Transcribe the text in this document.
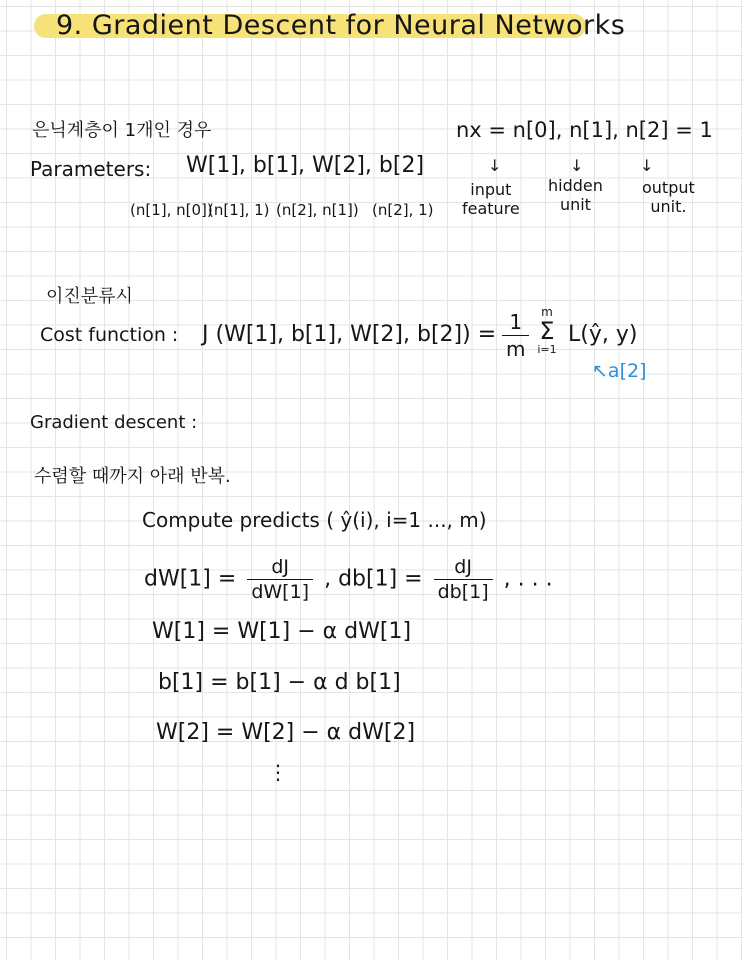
9. Gradient Descent for Neural Networks
은닉계층이 1개인 경우
Parameters: W[1], b[1], W[2], b[2]
(n[1], n[0])
(n[1], 1) (n[2], n[1]) (n[2], 1)
nx = n[0], n[1], n[2] = 1
↓	↓	↓
input
feature
hidden
unit
output
unit.
이진분류시
Cost function : J (W[1], b[1], W[2], $b[2]) = \frac{1}{m}$ m
Σ
i=1
L(ŷ, y)
↖a[2]
Gradient descent :
수렴할 때까지 아래 반복.
Compute predicts ( ŷ(i), i=1 ..., m)
$dW[1] = \frac{dJ}{dW[1]}$ , $db[1] = \frac{dJ}{db[1]}$ , . . .
W[1] = W[1] − α dW[1]
b[1] = b[1] − α d b[1]
W[2] = W[2] − α dW[2]
⋮
